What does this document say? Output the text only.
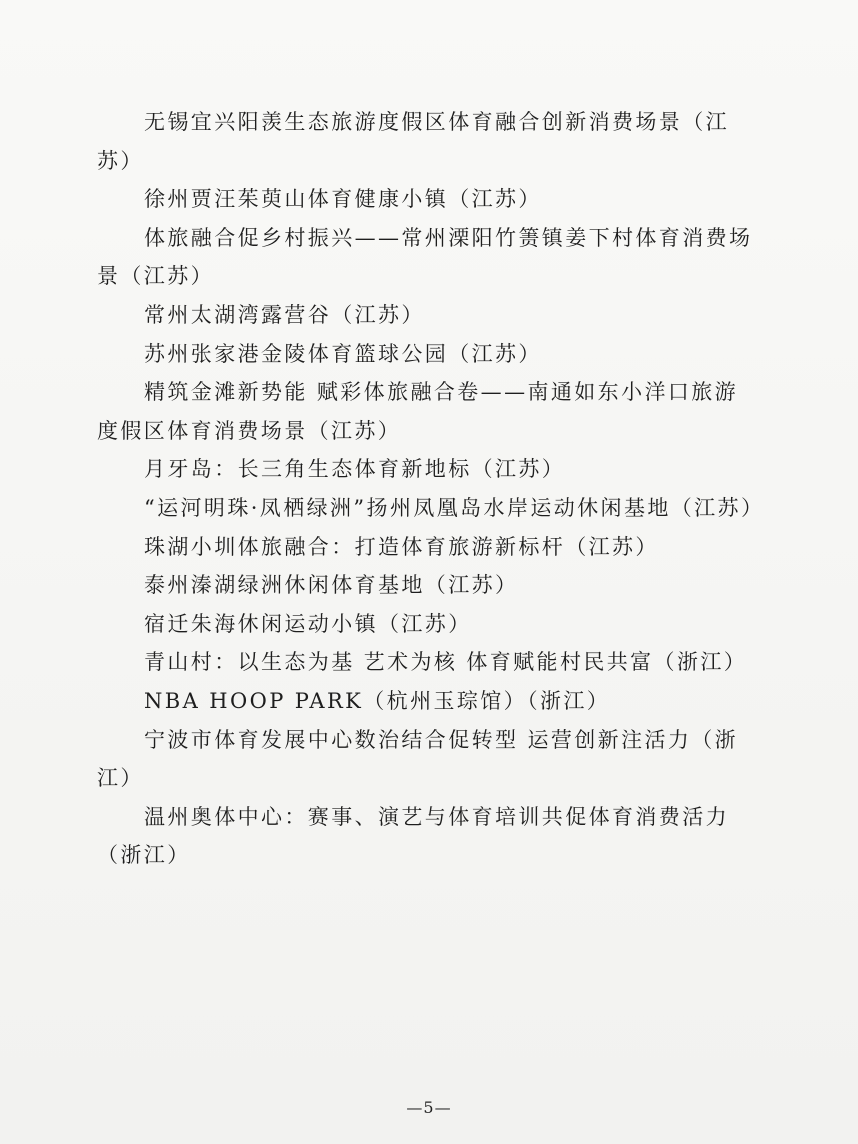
无锡宜兴阳羡生态旅游度假区体育融合创新消费场景（江苏）

徐州贾汪茱萸山体育健康小镇（江苏）

体旅融合促乡村振兴——常州溧阳竹箦镇姜下村体育消费场景（江苏）

常州太湖湾露营谷（江苏）

苏州张家港金陵体育篮球公园（江苏）

精筑金滩新势能 赋彩体旅融合卷——南通如东小洋口旅游度假区体育消费场景（江苏）

月牙岛：长三角生态体育新地标（江苏）

“运河明珠·凤栖绿洲”扬州凤凰岛水岸运动休闲基地（江苏）

珠湖小圳体旅融合：打造体育旅游新标杆（江苏）

泰州溱湖绿洲休闲体育基地（江苏）

宿迁朱海休闲运动小镇（江苏）

青山村：以生态为基 艺术为核 体育赋能村民共富（浙江）

NBA HOOP PARK（杭州玉琮馆）（浙江）

宁波市体育发展中心数治结合促转型 运营创新注活力（浙江）

温州奥体中心：赛事、演艺与体育培训共促体育消费活力（浙江）

—5—
